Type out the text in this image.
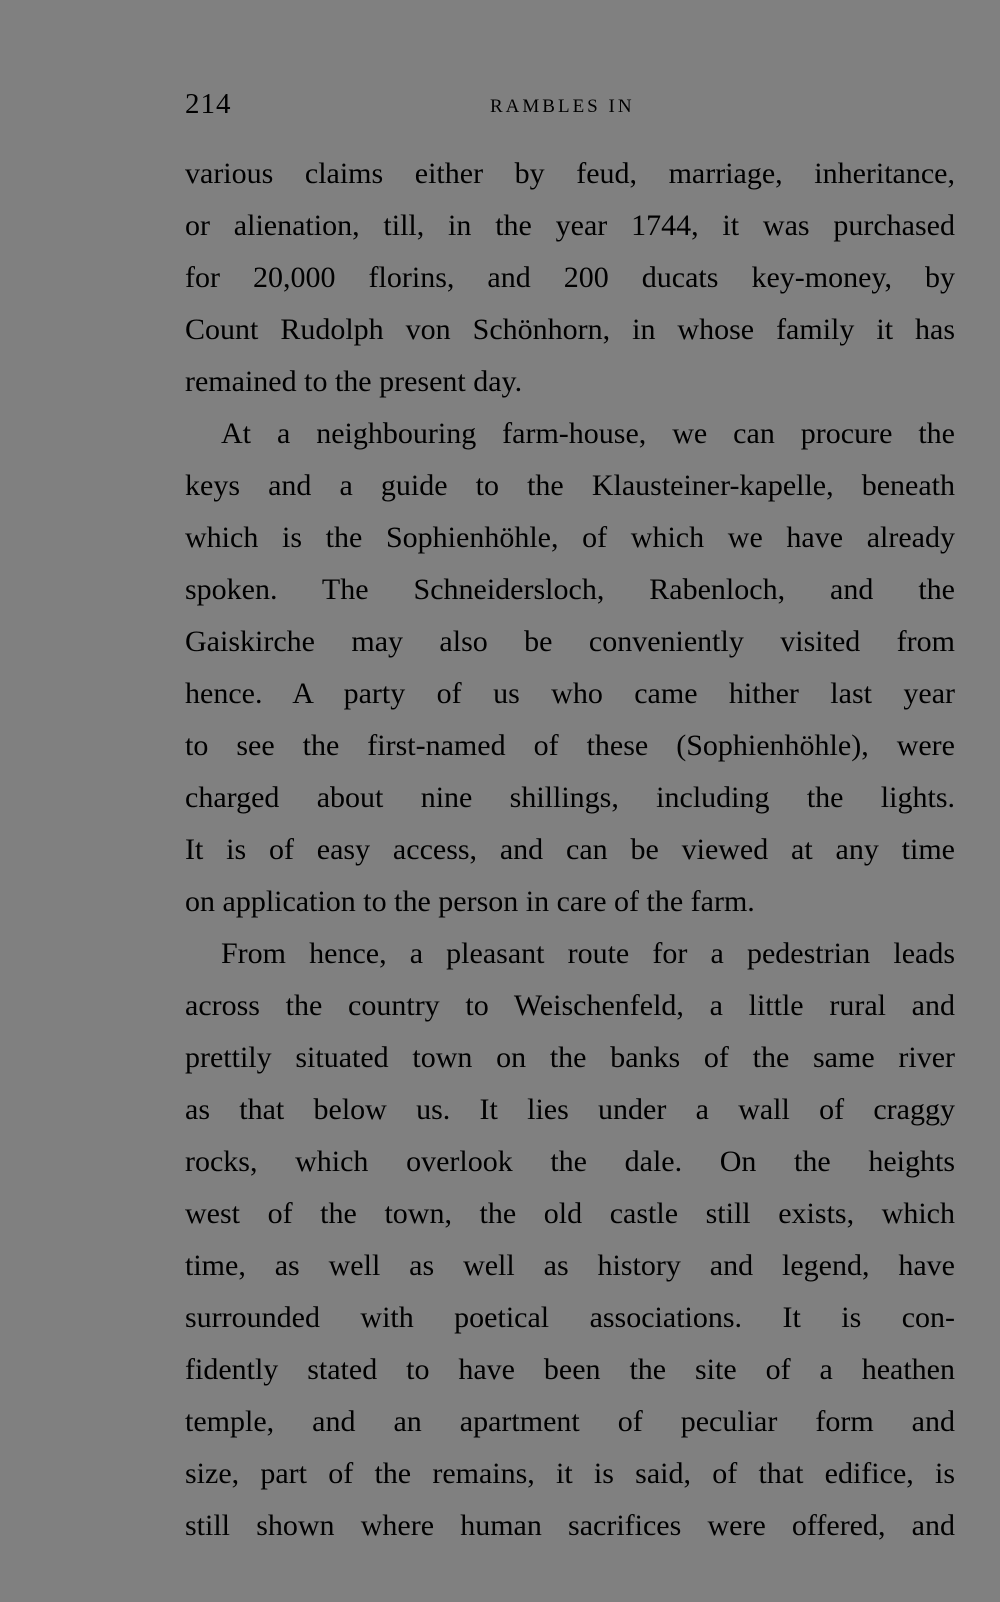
214	RAMBLES IN
various claims either by feud, marriage, inheritance,
or alienation, till, in the year 1744, it was purchased
for 20,000 florins, and 200 ducats key-money, by
Count Rudolph von Schönhorn, in whose family it has
remained to the present day.
At a neighbouring farm-house, we can procure the
keys and a guide to the Klausteiner-kapelle, beneath
which is the Sophienhöhle, of which we have already
spoken. The Schneidersloch, Rabenloch, and the
Gaiskirche may also be conveniently visited from
hence. A party of us who came hither last year
to see the first-named of these (Sophienhöhle), were
charged about nine shillings, including the lights.
It is of easy access, and can be viewed at any time
on application to the person in care of the farm.
From hence, a pleasant route for a pedestrian leads
across the country to Weischenfeld, a little rural and
prettily situated town on the banks of the same river
as that below us. It lies under a wall of craggy
rocks, which overlook the dale. On the heights
west of the town, the old castle still exists, which
time, as well as well as history and legend, have
surrounded with poetical associations. It is con-
fidently stated to have been the site of a heathen
temple, and an apartment of peculiar form and
size, part of the remains, it is said, of that edifice, is
still shown where human sacrifices were offered, and
